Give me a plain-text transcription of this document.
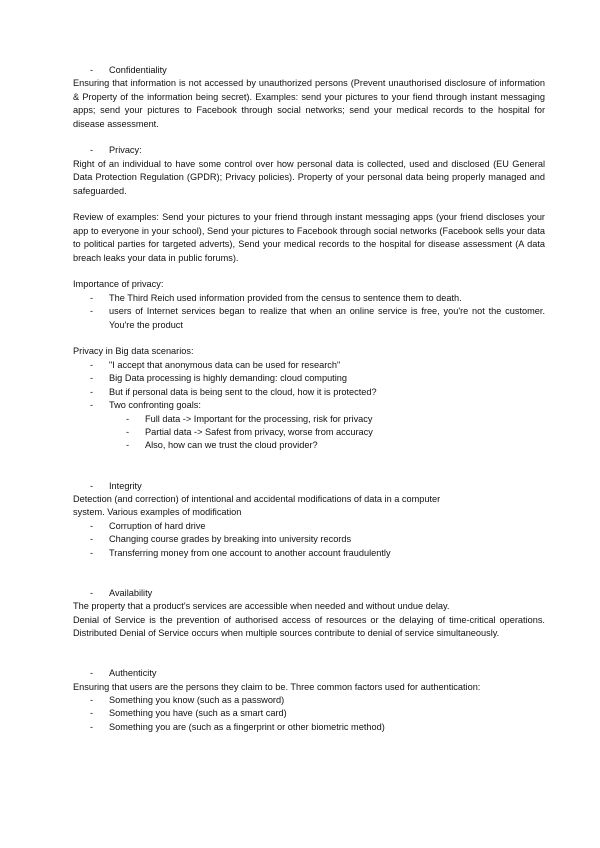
- Confidentiality
Ensuring that information is not accessed by unauthorized persons (Prevent unauthorised disclosure of information & Property of the information being secret). Examples: send your pictures to your fiend through instant messaging apps; send your pictures to Facebook through social networks; send your medical records to the hospital for disease assessment.
- Privacy:
Right of an individual to have some control over how personal data is collected, used and disclosed (EU General Data Protection Regulation (GPDR); Privacy policies). Property of your personal data being properly managed and safeguarded.
Review of examples: Send your pictures to your friend through instant messaging apps (your friend discloses your app to everyone in your school), Send your pictures to Facebook through social networks (Facebook sells your data to political parties for targeted adverts), Send your medical records to the hospital for disease assessment (A data breach leaks your data in public forums).
Importance of privacy:
- The Third Reich used information provided from the census to sentence them to death.
- users of Internet services began to realize that when an online service is free, you're not the customer. You're the product
Privacy in Big data scenarios:
- "I accept that anonymous data can be used for research"
- Big Data processing is highly demanding: cloud computing
- But if personal data is being sent to the cloud, how it is protected?
- Two confronting goals:
- Full data -> Important for the processing, risk for privacy
- Partial data -> Safest from privacy, worse from accuracy
- Also, how can we trust the cloud provider?
- Integrity
Detection (and correction) of intentional and accidental modifications of data in a computer
system. Various examples of modification
- Corruption of hard drive
- Changing course grades by breaking into university records
- Transferring money from one account to another account fraudulently
- Availability
The property that a product's services are accessible when needed and without undue delay.
Denial of Service is the prevention of authorised access of resources or the delaying of time-critical operations. Distributed Denial of Service occurs when multiple sources contribute to denial of service simultaneously.
- Authenticity
Ensuring that users are the persons they claim to be. Three common factors used for authentication:
- Something you know (such as a password)
- Something you have (such as a smart card)
- Something you are (such as a fingerprint or other biometric method)
